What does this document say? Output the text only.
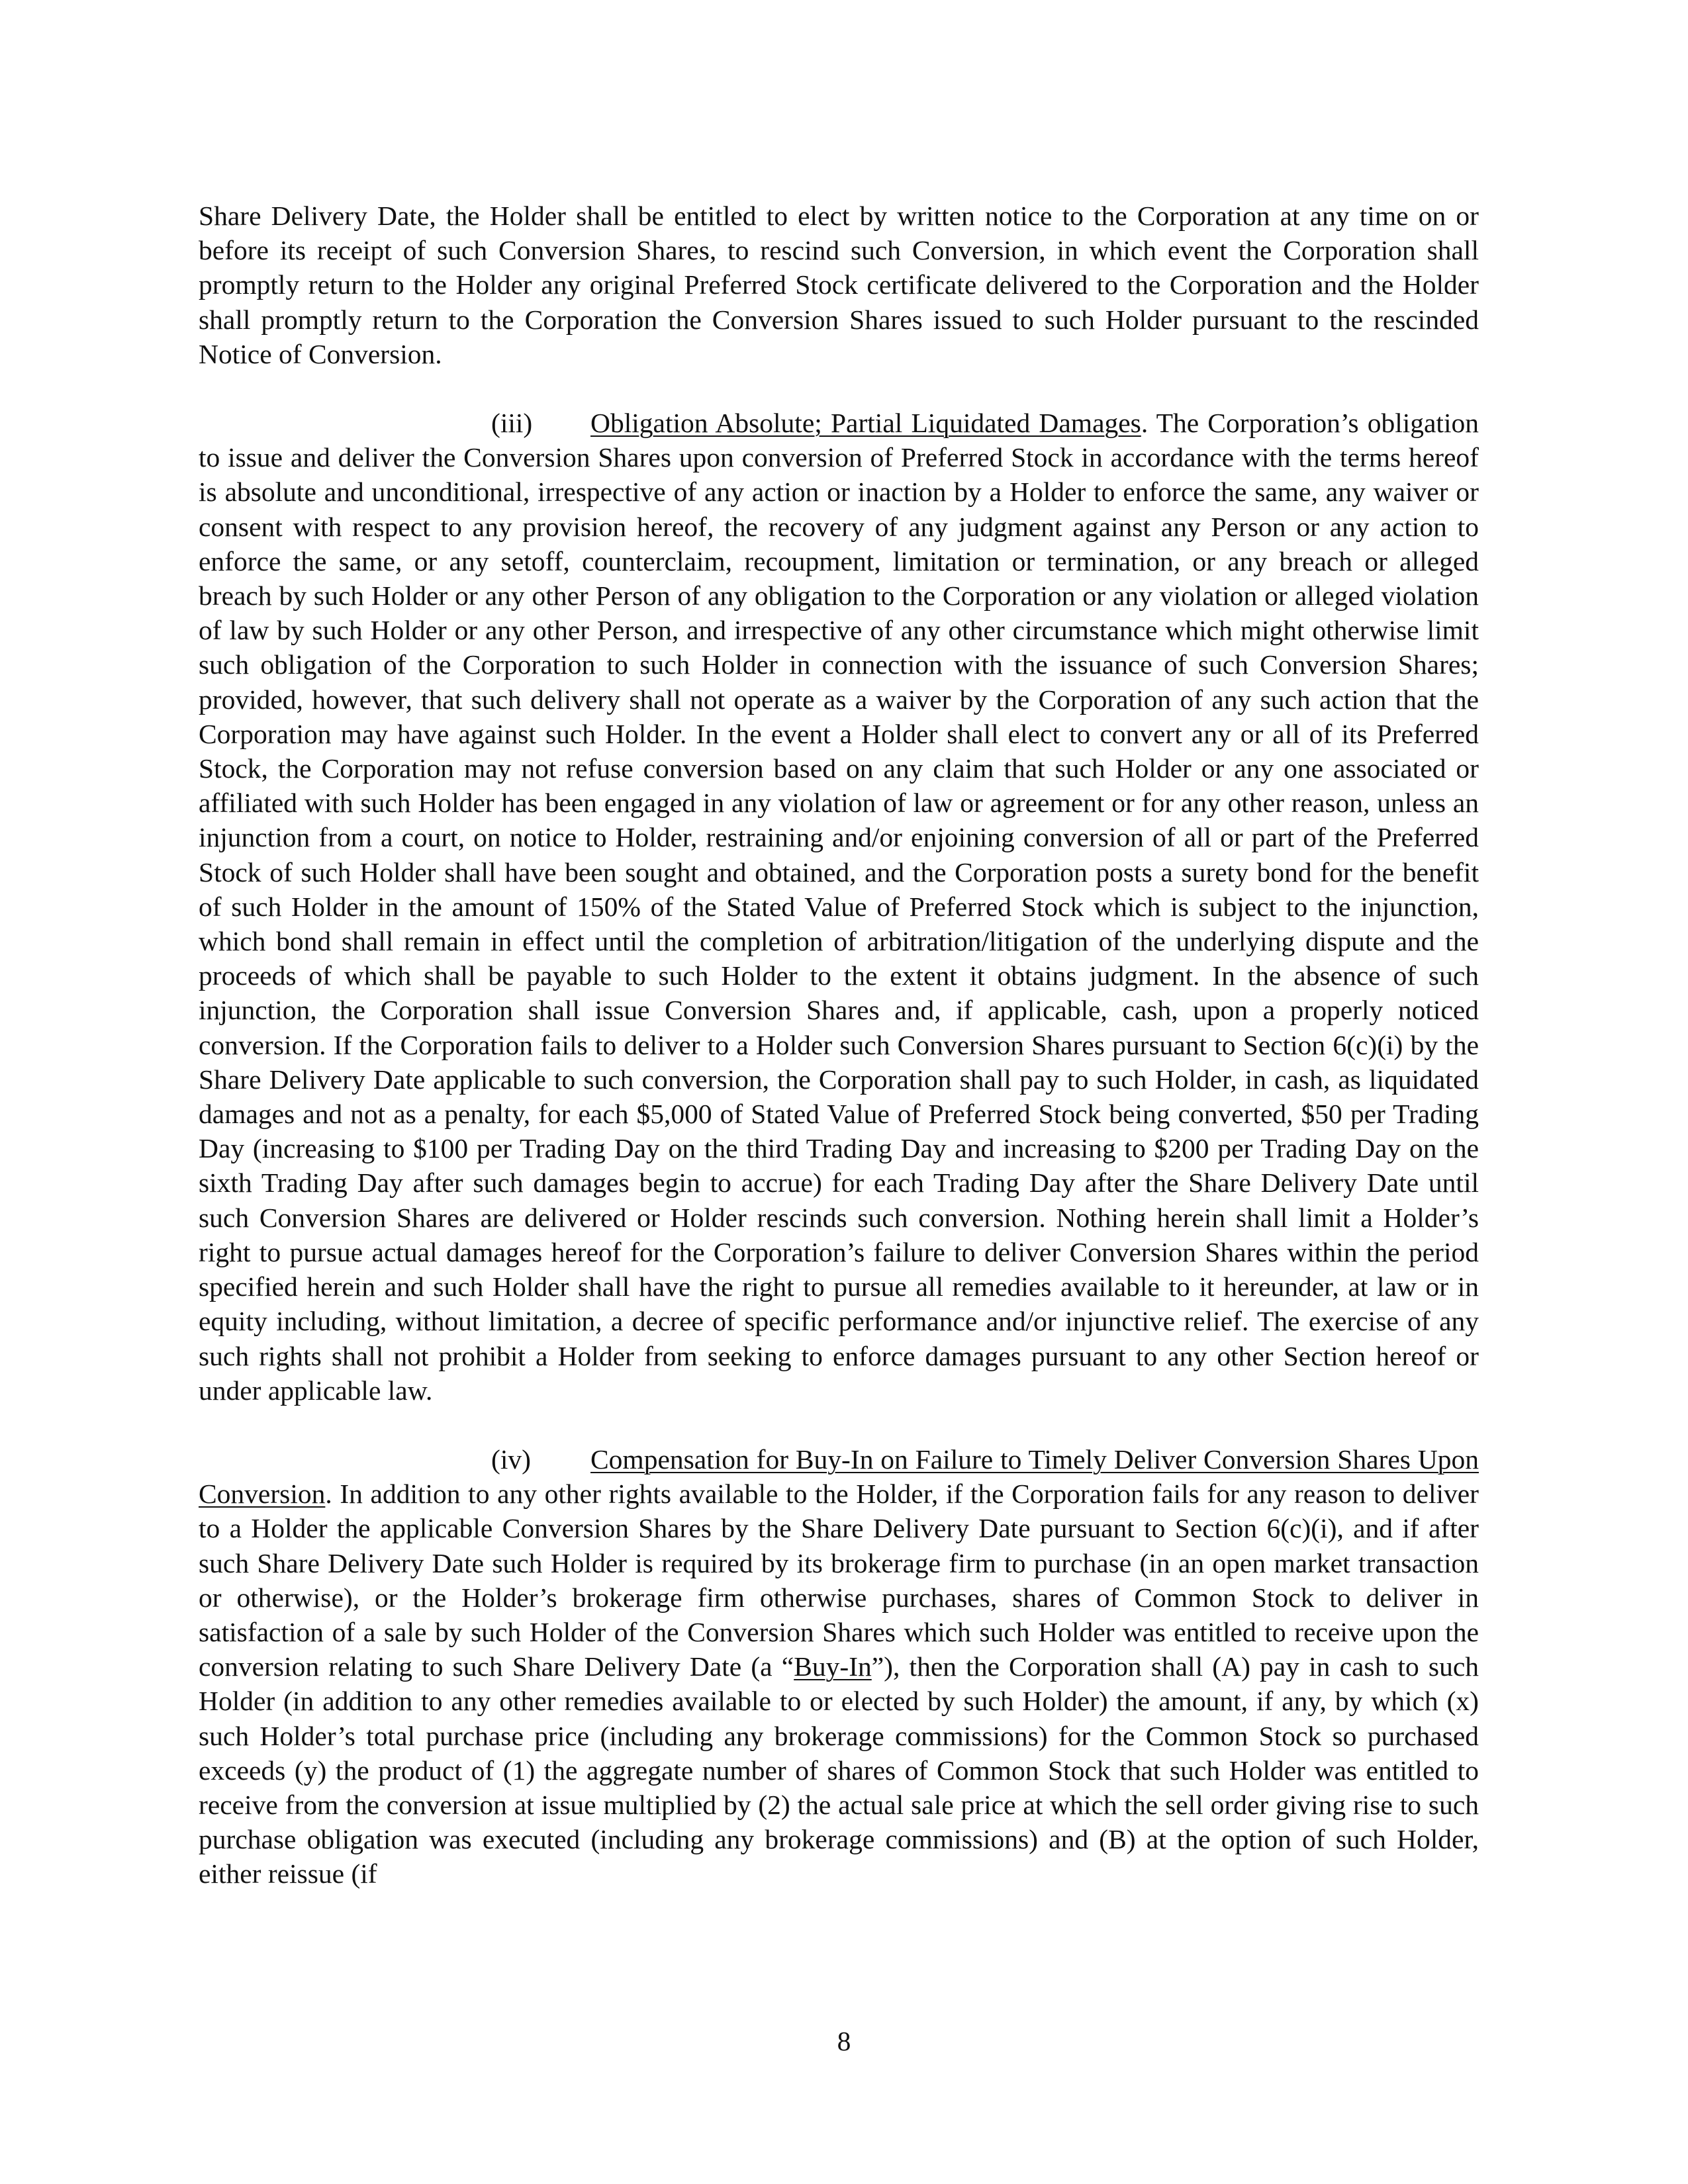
Share Delivery Date, the Holder shall be entitled to elect by written notice to the Corporation at any time on or before its receipt of such Conversion Shares, to rescind such Conversion, in which event the Corporation shall promptly return to the Holder any original Preferred Stock certificate delivered to the Corporation and the Holder shall promptly return to the Corporation the Conversion Shares issued to such Holder pursuant to the rescinded Notice of Conversion.

(iii) Obligation Absolute; Partial Liquidated Damages. The Corporation’s obligation to issue and deliver the Conversion Shares upon conversion of Preferred Stock in accordance with the terms hereof is absolute and unconditional, irrespective of any action or inaction by a Holder to enforce the same, any waiver or consent with respect to any provision hereof, the recovery of any judgment against any Person or any action to enforce the same, or any setoff, counterclaim, recoupment, limitation or termination, or any breach or alleged breach by such Holder or any other Person of any obligation to the Corporation or any violation or alleged violation of law by such Holder or any other Person, and irrespective of any other circumstance which might otherwise limit such obligation of the Corporation to such Holder in connection with the issuance of such Conversion Shares; provided, however, that such delivery shall not operate as a waiver by the Corporation of any such action that the Corporation may have against such Holder. In the event a Holder shall elect to convert any or all of its Preferred Stock, the Corporation may not refuse conversion based on any claim that such Holder or any one associated or affiliated with such Holder has been engaged in any violation of law or agreement or for any other reason, unless an injunction from a court, on notice to Holder, restraining and/or enjoining conversion of all or part of the Preferred Stock of such Holder shall have been sought and obtained, and the Corporation posts a surety bond for the benefit of such Holder in the amount of 150% of the Stated Value of Preferred Stock which is subject to the injunction, which bond shall remain in effect until the completion of arbitration/litigation of the underlying dispute and the proceeds of which shall be payable to such Holder to the extent it obtains judgment. In the absence of such injunction, the Corporation shall issue Conversion Shares and, if applicable, cash, upon a properly noticed conversion. If the Corporation fails to deliver to a Holder such Conversion Shares pursuant to Section 6(c)(i) by the Share Delivery Date applicable to such conversion, the Corporation shall pay to such Holder, in cash, as liquidated damages and not as a penalty, for each $5,000 of Stated Value of Preferred Stock being converted, $50 per Trading Day (increasing to $100 per Trading Day on the third Trading Day and increasing to $200 per Trading Day on the sixth Trading Day after such damages begin to accrue) for each Trading Day after the Share Delivery Date until such Conversion Shares are delivered or Holder rescinds such conversion. Nothing herein shall limit a Holder’s right to pursue actual damages hereof for the Corporation’s failure to deliver Conversion Shares within the period specified herein and such Holder shall have the right to pursue all remedies available to it hereunder, at law or in equity including, without limitation, a decree of specific performance and/or injunctive relief. The exercise of any such rights shall not prohibit a Holder from seeking to enforce damages pursuant to any other Section hereof or under applicable law.

(iv) Compensation for Buy-In on Failure to Timely Deliver Conversion Shares Upon Conversion. In addition to any other rights available to the Holder, if the Corporation fails for any reason to deliver to a Holder the applicable Conversion Shares by the Share Delivery Date pursuant to Section 6(c)(i), and if after such Share Delivery Date such Holder is required by its brokerage firm to purchase (in an open market transaction or otherwise), or the Holder’s brokerage firm otherwise purchases, shares of Common Stock to deliver in satisfaction of a sale by such Holder of the Conversion Shares which such Holder was entitled to receive upon the conversion relating to such Share Delivery Date (a “Buy-In”), then the Corporation shall (A) pay in cash to such Holder (in addition to any other remedies available to or elected by such Holder) the amount, if any, by which (x) such Holder’s total purchase price (including any brokerage commissions) for the Common Stock so purchased exceeds (y) the product of (1) the aggregate number of shares of Common Stock that such Holder was entitled to receive from the conversion at issue multiplied by (2) the actual sale price at which the sell order giving rise to such purchase obligation was executed (including any brokerage commissions) and (B) at the option of such Holder, either reissue (if

8
